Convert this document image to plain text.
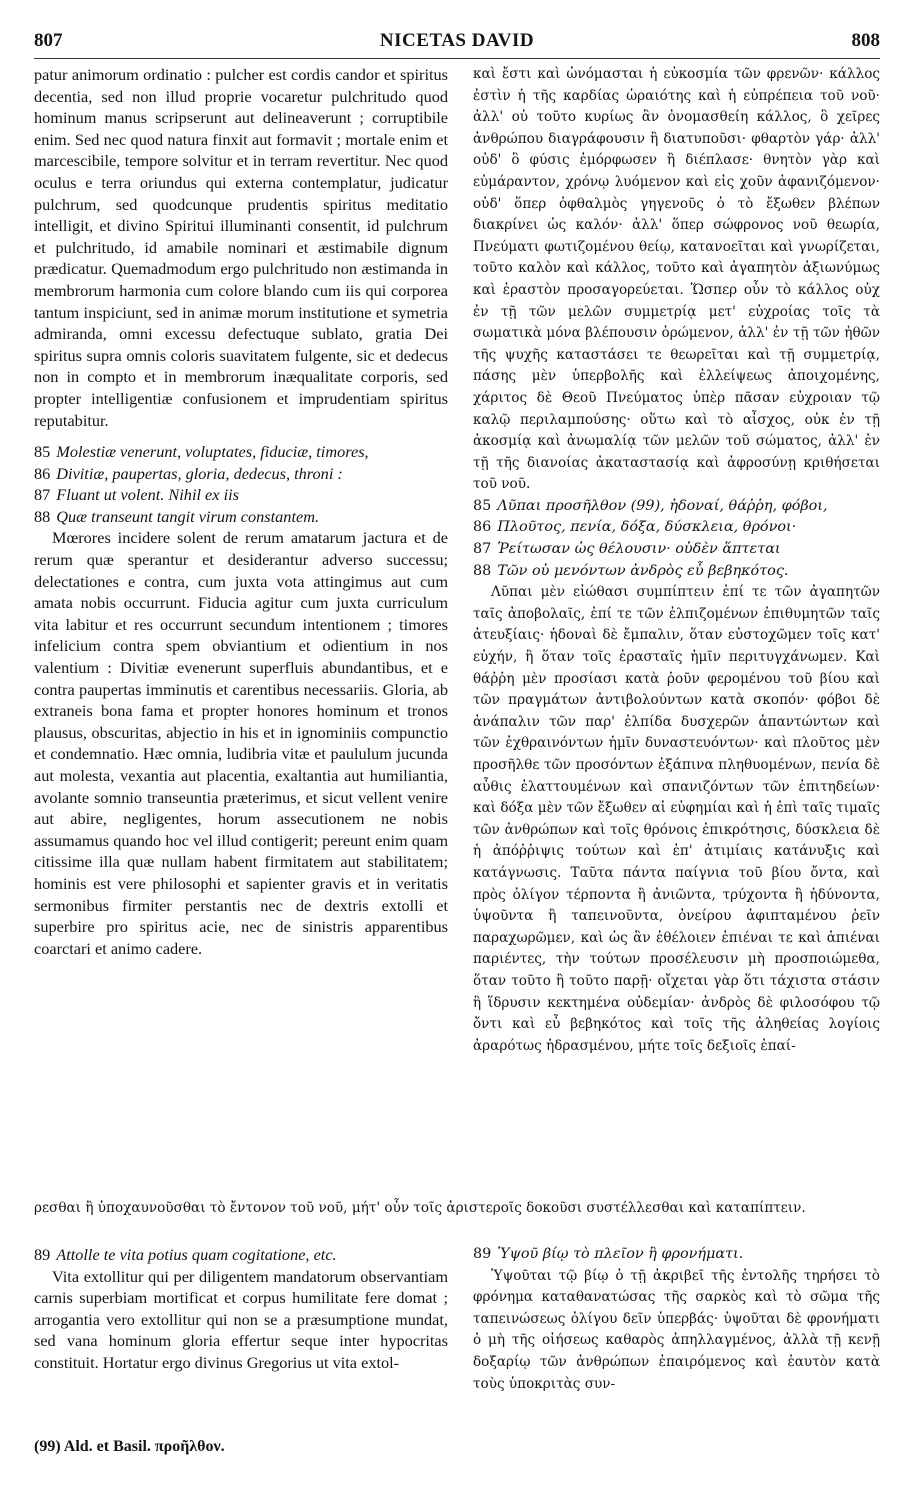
807	NICETAS DAVID	808

patur animorum ordinatio : pulcher est cordis candor et spiritus decentia, sed non illud proprie vocaretur pulchritudo quod hominum manus scripserunt aut delineaverunt ; corruptibile enim. Sed nec quod natura finxit aut formavit ; mortale enim et marcescibile, tempore solvitur et in terram revertitur. Nec quod oculus e terra oriundus qui externa contemplatur, judicatur pulchrum, sed quodcunque prudentis spiritus meditatio intelligit, et divino Spiritui illuminanti consentit, id pulchrum et pulchritudo, id amabile nominari et æstimabile dignum prædicatur. Quemadmodum ergo pulchritudo non æstimanda in membrorum harmonia cum colore blando cum iis qui corporea tantum inspiciunt, sed in animæ morum institutione et symetria admiranda, omni excessu defectuque sublato, gratia Dei spiritus supra omnis coloris suavitatem fulgente, sic et dedecus non in compto et in membrorum inæqualitate corporis, sed propter intelligentiæ confusionem et imprudentiam spiritus reputabitur.

85 Molestiæ venerunt, voluptates, fiduciæ, timores,
86 Divitiæ, paupertas, gloria, dedecus, throni :
87 Fluant ut volent. Nihil ex iis
88 Quæ transeunt tangit virum constantem.

Mœrores incidere solent de rerum amatarum jactura et de rerum quæ sperantur et desiderantur adverso successu; delectationes e contra, cum juxta vota attingimus aut cum amata nobis occurrunt. Fiducia agitur cum juxta curriculum vita labitur et res occurrunt secundum intentionem ; timores infelicium contra spem obviantium et odientium in nos valentium : Divitiæ evenerunt superfluis abundantibus, et e contra paupertas imminutis et carentibus necessariis. Gloria, ab extraneis bona fama et propter honores hominum et tronos plausus, obscuritas, abjectio in his et in ignominiis compunctio et condemnatio. Hæc omnia, ludibria vitæ et paululum jucunda aut molesta, vexantia aut placentia, exaltantia aut humiliantia, avolante somnio transeuntia præterimus, et sicut vellent venire aut abire, negligentes, horum assecutionem ne nobis assumamus quando hoc vel illud contigerit; pereunt enim quam citissime illa quæ nullam habent firmitatem aut stabilitatem; hominis est vere philosophi et sapienter gravis et in veritatis sermonibus firmiter perstantis nec de dextris extolli et superbire pro spiritus acie, nec de sinistris apparentibus coarctari et animo cadere.

καὶ ἔστι καὶ ὠνόμασται ἡ εὐκοσμία τῶν φρενῶν· κάλλος ἐστὶν ἡ τῆς καρδίας ὡραιότης καὶ ἡ εὐπρέπεια τοῦ νοῦ· ἀλλ' οὐ τοῦτο κυρίως ἂν ὀνομασθείη κάλλος, ὃ χεῖρες ἀνθρώπου διαγράφουσιν ἢ διατυποῦσι· φθαρτὸν γάρ· ἀλλ' οὐδ' ὃ φύσις ἐμόρφωσεν ἢ διέπλασε· θνητὸν γὰρ καὶ εὐμάραντον, χρόνῳ λυόμενον καὶ εἰς χοῦν ἀφανιζόμενον· οὐδ' ὅπερ ὀφθαλμὸς γηγενοῦς ὁ τὸ ἔξωθεν βλέπων διακρίνει ὡς καλόν· ἀλλ' ὅπερ σώφρονος νοῦ θεωρία, Πνεύματι φωτιζομένου θείῳ, κατανοεῖται καὶ γνωρίζεται, τοῦτο καλὸν καὶ κάλλος, τοῦτο καὶ ἀγαπητὸν ἀξιωνύμως καὶ ἐραστὸν προσαγορεύεται. Ὥσπερ οὖν τὸ κάλλος οὐχ ἐν τῇ τῶν μελῶν συμμετρίᾳ μετ' εὐχροίας τοῖς τὰ σωματικὰ μόνα βλέπουσιν ὁρώμενον, ἀλλ' ἐν τῇ τῶν ἠθῶν τῆς ψυχῆς καταστάσει τε θεωρεῖται καὶ τῇ συμμετρίᾳ, πάσης μὲν ὑπερβολῆς καὶ ἐλλείψεως ἀποιχομένης, χάριτος δὲ Θεοῦ Πνεύματος ὑπὲρ πᾶσαν εὐχροιαν τῷ καλῷ περιλαμπούσης· οὕτω καὶ τὸ αἶσχος, οὐκ ἐν τῇ ἀκοσμίᾳ καὶ ἀνωμαλίᾳ τῶν μελῶν τοῦ σώματος, ἀλλ' ἐν τῇ τῆς διανοίας ἀκαταστασίᾳ καὶ ἀφροσύνῃ κριθήσεται τοῦ νοῦ.

85 Λῦπαι προσῆλθον (99), ἡδοναί, θάῤῥη, φόβοι,
86 Πλοῦτος, πενία, δόξα, δύσκλεια, θρόνοι·
87 Ῥείτωσαν ὡς θέλουσιν· οὐδὲν ἅπτεται
88 Τῶν οὐ μενόντων ἀνδρὸς εὖ βεβηκότος.

Λῦπαι μὲν εἰώθασι συμπίπτειν ἐπί τε τῶν ἀγαπητῶν ταῖς ἀποβολαῖς, ἐπί τε τῶν ἐλπιζομένων ἐπιθυμητῶν ταῖς ἀτευξίαις· ἡδοναὶ δὲ ἔμπαλιν, ὅταν εὐστοχῶμεν τοῖς κατ' εὐχήν, ἢ ὅταν τοῖς ἐρασταῖς ἡμῖν περιτυγχάνωμεν. Καὶ θάῤῥη μὲν προσίασι κατὰ ῥοῦν φερομένου τοῦ βίου καὶ τῶν πραγμάτων ἀντιβολούντων κατὰ σκοπόν· φόβοι δὲ ἀνάπαλιν τῶν παρ' ἐλπίδα δυσχερῶν ἀπαντώντων καὶ τῶν ἐχθραινόντων ἡμῖν δυναστευόντων· καὶ πλοῦτος μὲν προσῆλθε τῶν προσόντων ἐξάπινα πληθυομένων, πενία δὲ αὖθις ἐλαττουμένων καὶ σπανιζόντων τῶν ἐπιτηδείων· καὶ δόξα μὲν τῶν ἔξωθεν αἱ εὐφημίαι καὶ ἡ ἐπὶ ταῖς τιμαῖς τῶν ἀνθρώπων καὶ τοῖς θρόνοις ἐπικρότησις, δύσκλεια δὲ ἡ ἀπόῤῥιψις τούτων καὶ ἐπ' ἀτιμίαις κατάνυξις καὶ κατάγνωσις. Ταῦτα πάντα παίγνια τοῦ βίου ὄντα, καὶ πρὸς ὀλίγον τέρποντα ἢ ἀνιῶντα, τρύχοντα ἢ ἡδύνοντα, ὑψοῦντα ἢ ταπεινοῦντα, ὀνείρου ἀφιπταμένου ῥεῖν παραχωρῶμεν, καὶ ὡς ἂν ἐθέλοιεν ἐπιέναι τε καὶ ἀπιέναι παριέντες, τὴν τούτων προσέλευσιν μὴ προσποιώμεθα, ὅταν τοῦτο ἢ τοῦτο παρῇ· οἴχεται γὰρ ὅτι τάχιστα στάσιν ἢ ἵδρυσιν κεκτημένα οὐδεμίαν· ἀνδρὸς δὲ φιλοσόφου τῷ ὄντι καὶ εὖ βεβηκότος καὶ τοῖς τῆς ἀληθείας λογίοις ἀραρότως ἡδρασμένου, μήτε τοῖς δεξιοῖς ἐπαί-

ρεσθαι ἢ ὑποχαυνοῦσθαι τὸ ἔντονον τοῦ νοῦ, μήτ' οὖν τοῖς ἀριστεροῖς δοκοῦσι συστέλλεσθαι καὶ καταπίπτειν.

89 Attolle te vita potius quam cogitatione, etc.

Vita extollitur qui per diligentem mandatorum observantiam carnis superbiam mortificat et corpus humilitate fere domat ; arrogantia vero extollitur qui non se a præsumptione mundat, sed vana hominum gloria effertur seque inter hypocritas constituit. Hortatur ergo divinus Gregorius ut vita extol-

89 Ὑψοῦ βίῳ τὸ πλεῖον ἢ φρονήματι.

Ὑψοῦται τῷ βίῳ ὁ τῇ ἀκριβεῖ τῆς ἐντολῆς τηρήσει τὸ φρόνημα καταθανατώσας τῆς σαρκὸς καὶ τὸ σῶμα τῆς ταπεινώσεως ὀλίγου δεῖν ὑπερβάς· ὑψοῦται δὲ φρονήματι ὁ μὴ τῆς οἰήσεως καθαρὸς ἀπηλλαγμένος, ἀλλὰ τῇ κενῇ δοξαρίῳ τῶν ἀνθρώπων ἐπαιρόμενος καὶ ἑαυτὸν κατὰ τοὺς ὑποκριτὰς συν-

(99) Ald. et Basil. προῆλθον.
